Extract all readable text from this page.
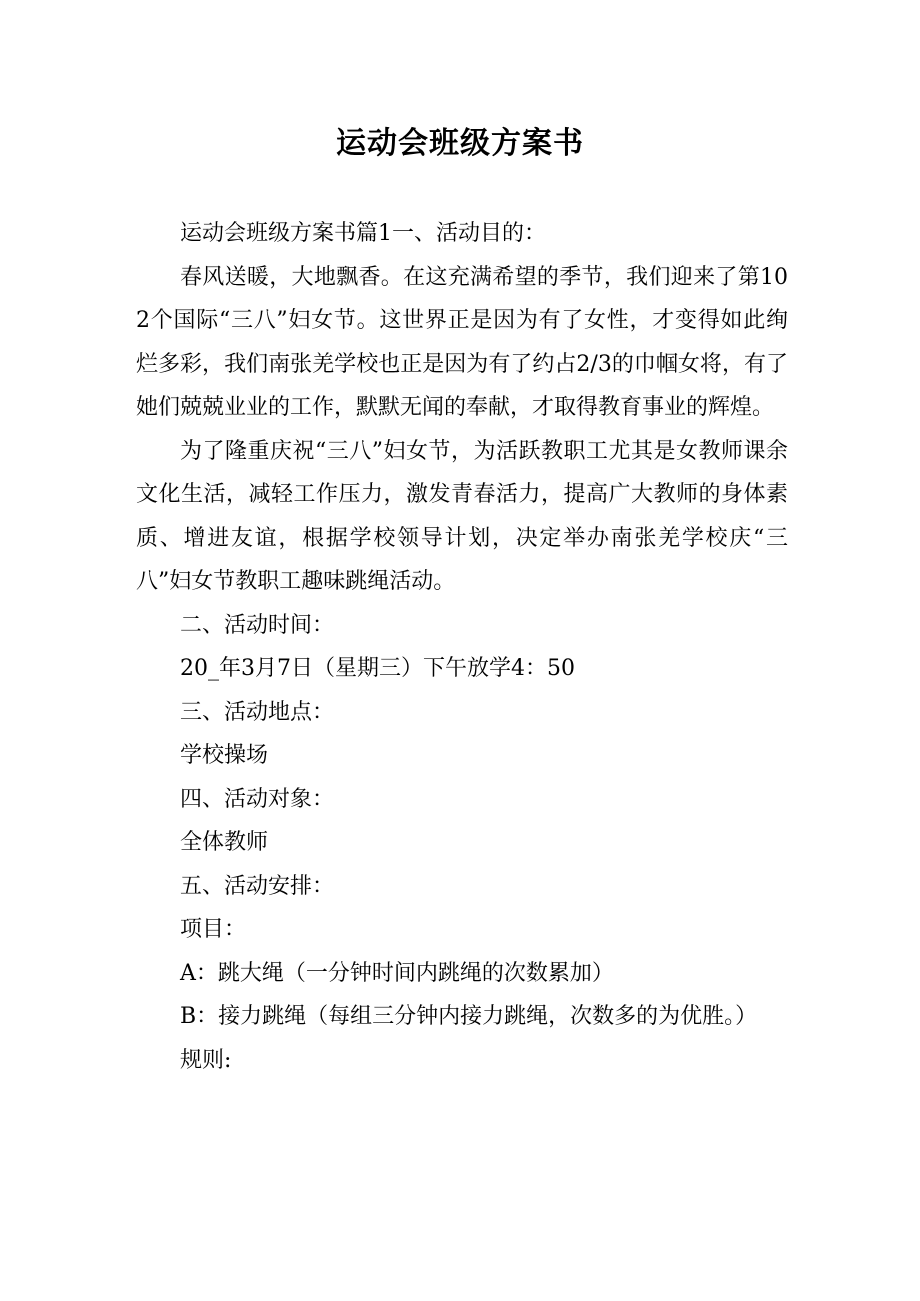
运动会班级方案书

运动会班级方案书篇1一、活动目的：

春风送暖，大地飘香。在这充满希望的季节，我们迎来了第102个国际“三八”妇女节。这世界正是因为有了女性，才变得如此绚烂多彩，我们南张羌学校也正是因为有了约占2/3的巾帼女将，有了她们兢兢业业的工作，默默无闻的奉献，才取得教育事业的辉煌。

为了隆重庆祝“三八”妇女节，为活跃教职工尤其是女教师课余文化生活，减轻工作压力，激发青春活力，提高广大教师的身体素质、增进友谊，根据学校领导计划，决定举办南张羌学校庆“三八”妇女节教职工趣味跳绳活动。

二、活动时间：

20_年3月7日（星期三）下午放学4：50

三、活动地点：

学校操场

四、活动对象：

全体教师

五、活动安排：

项目：

A：跳大绳（一分钟时间内跳绳的次数累加）

B：接力跳绳（每组三分钟内接力跳绳，次数多的为优胜。）

规则:
